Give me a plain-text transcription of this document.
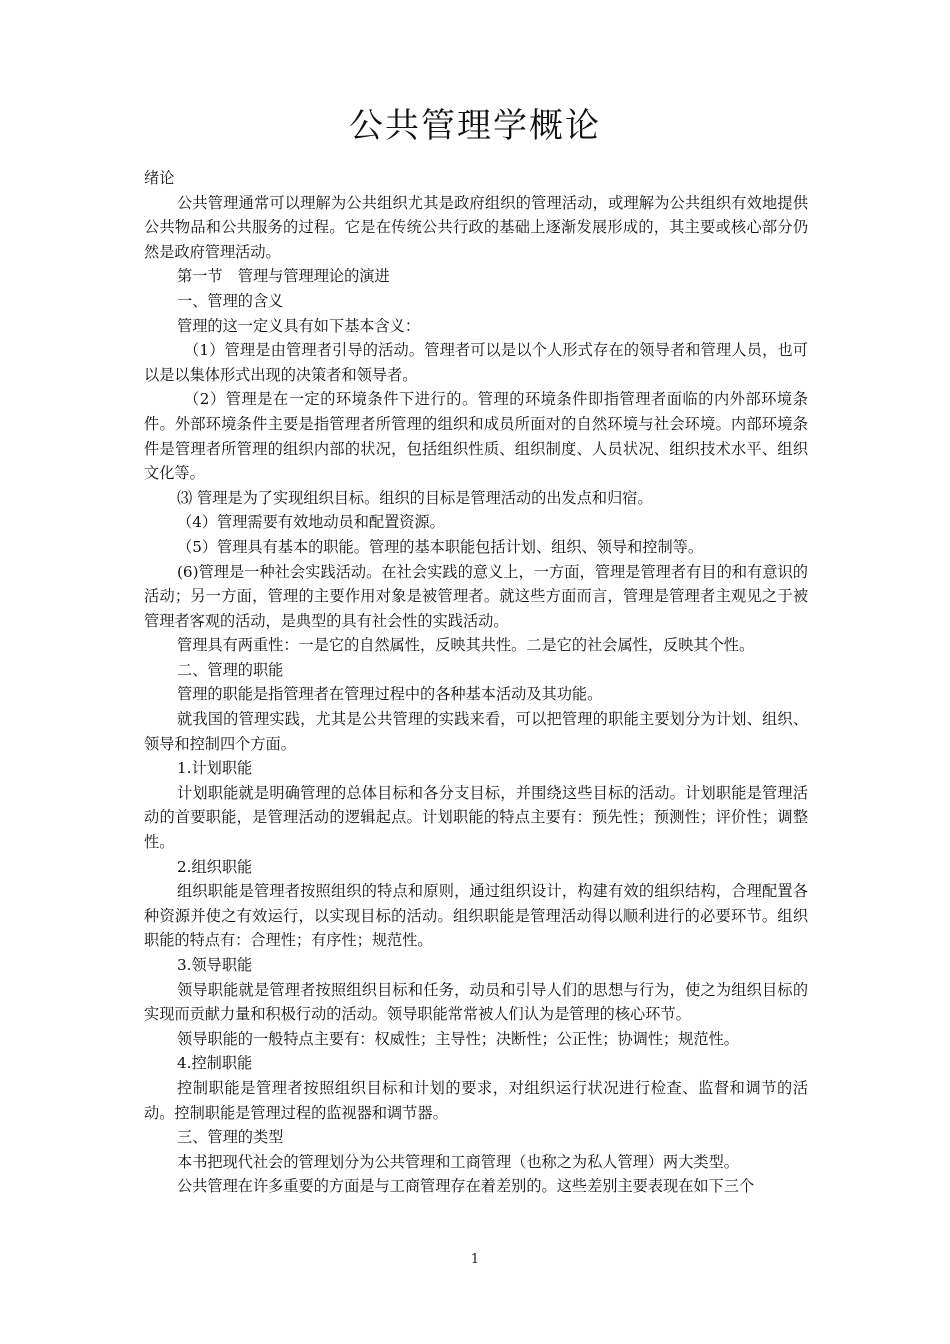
公共管理学概论

绪论

公共管理通常可以理解为公共组织尤其是政府组织的管理活动，或理解为公共组织有效地提供公共物品和公共服务的过程。它是在传统公共行政的基础上逐渐发展形成的，其主要或核心部分仍然是政府管理活动。

第一节　管理与管理理论的演进

一、管理的含义

管理的这一定义具有如下基本含义：

（1）管理是由管理者引导的活动。管理者可以是以个人形式存在的领导者和管理人员，也可以是以集体形式出现的决策者和领导者。

（2）管理是在一定的环境条件下进行的。管理的环境条件即指管理者面临的内外部环境条件。外部环境条件主要是指管理者所管理的组织和成员所面对的自然环境与社会环境。内部环境条件是管理者所管理的组织内部的状况，包括组织性质、组织制度、人员状况、组织技术水平、组织文化等。

⑶ 管理是为了实现组织目标。组织的目标是管理活动的出发点和归宿。

（4）管理需要有效地动员和配置资源。

（5）管理具有基本的职能。管理的基本职能包括计划、组织、领导和控制等。

(6)管理是一种社会实践活动。在社会实践的意义上，一方面，管理是管理者有目的和有意识的活动；另一方面，管理的主要作用对象是被管理者。就这些方面而言，管理是管理者主观见之于被管理者客观的活动，是典型的具有社会性的实践活动。

管理具有两重性：一是它的自然属性，反映其共性。二是它的社会属性，反映其个性。

二、管理的职能

管理的职能是指管理者在管理过程中的各种基本活动及其功能。

就我国的管理实践，尤其是公共管理的实践来看，可以把管理的职能主要划分为计划、组织、领导和控制四个方面。

1.计划职能

计划职能就是明确管理的总体目标和各分支目标，并围绕这些目标的活动。计划职能是管理活动的首要职能，是管理活动的逻辑起点。计划职能的特点主要有：预先性；预测性；评价性；调整性。

2.组织职能

组织职能是管理者按照组织的特点和原则，通过组织设计，构建有效的组织结构，合理配置各种资源并使之有效运行，以实现目标的活动。组织职能是管理活动得以顺利进行的必要环节。组织职能的特点有：合理性；有序性；规范性。

3.领导职能

领导职能就是管理者按照组织目标和任务，动员和引导人们的思想与行为，使之为组织目标的实现而贡献力量和积极行动的活动。领导职能常常被人们认为是管理的核心环节。

领导职能的一般特点主要有：权威性；主导性；决断性；公正性；协调性；规范性。

4.控制职能

控制职能是管理者按照组织目标和计划的要求，对组织运行状况进行检查、监督和调节的活动。控制职能是管理过程的监视器和调节器。

三、管理的类型

本书把现代社会的管理划分为公共管理和工商管理（也称之为私人管理）两大类型。

公共管理在许多重要的方面是与工商管理存在着差别的。这些差别主要表现在如下三个

1
